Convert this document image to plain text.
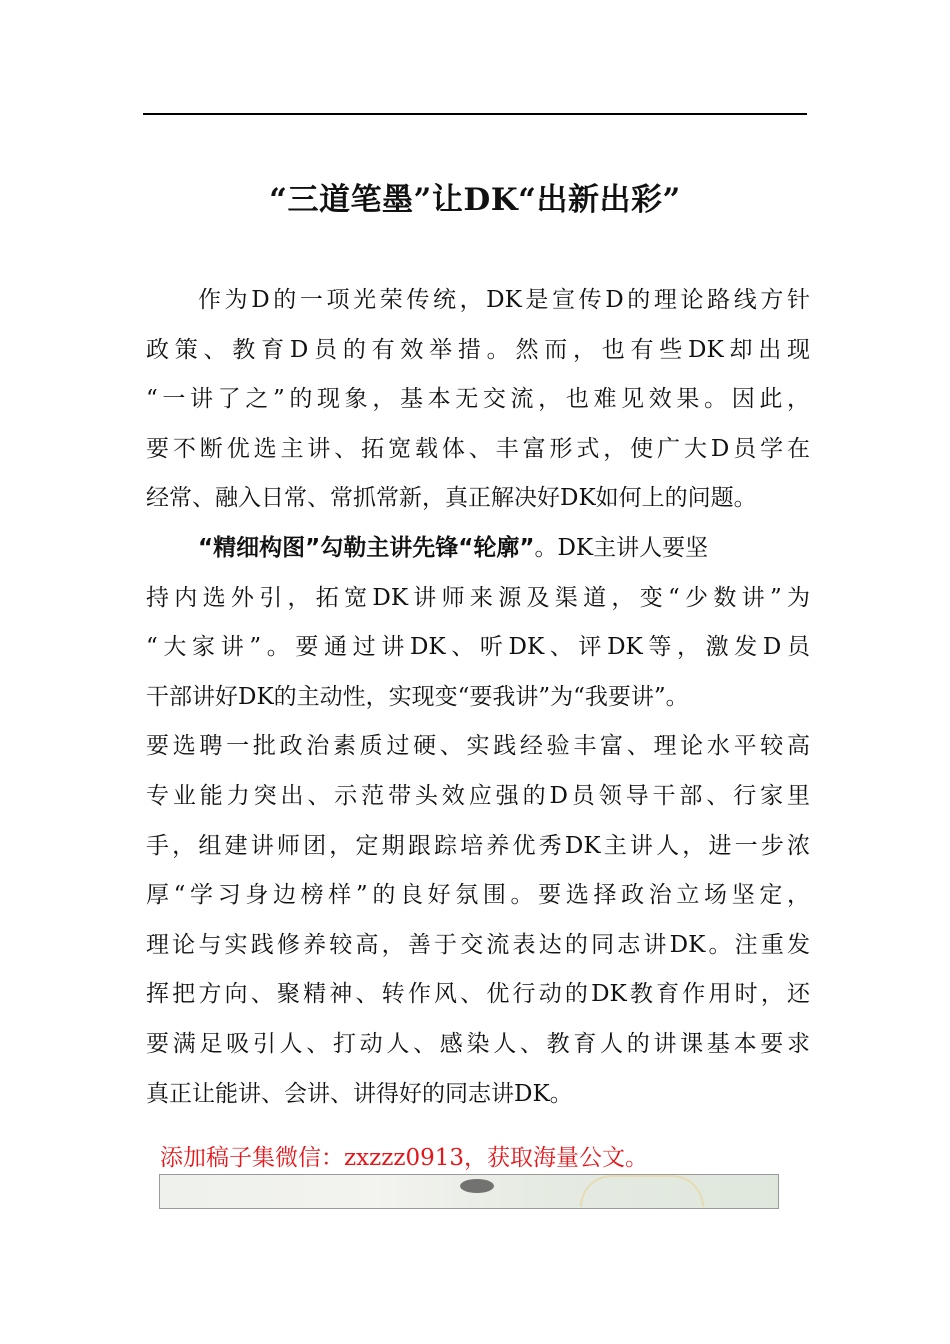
“三道笔墨”让DK“出新出彩”
作为D的一项光荣传统，DK是宣传D的理论路线方针
政策、教育D员的有效举措。然而，也有些DK却出现
“一讲了之”的现象，基本无交流，也难见效果。因此，
要不断优选主讲、拓宽载体、丰富形式，使广大D员学在
经常、融入日常、常抓常新，真正解决好DK如何上的问题。
“精细构图”勾勒主讲先锋“轮廓”。DK主讲人要坚
持内选外引，拓宽DK讲师来源及渠道，变“少数讲”为
“大家讲”。要通过讲DK、听DK、评DK等，激发D员
干部讲好DK的主动性，实现变“要我讲”为“我要讲”。
要选聘一批政治素质过硬、实践经验丰富、理论水平较高
专业能力突出、示范带头效应强的D员领导干部、行家里
手，组建讲师团，定期跟踪培养优秀DK主讲人，进一步浓
厚“学习身边榜样”的良好氛围。要选择政治立场坚定，
理论与实践修养较高，善于交流表达的同志讲DK。注重发
挥把方向、聚精神、转作风、优行动的DK教育作用时，还
要满足吸引人、打动人、感染人、教育人的讲课基本要求
真正让能讲、会讲、讲得好的同志讲DK。
添加稿子集微信：zxzzz0913，获取海量公文。
